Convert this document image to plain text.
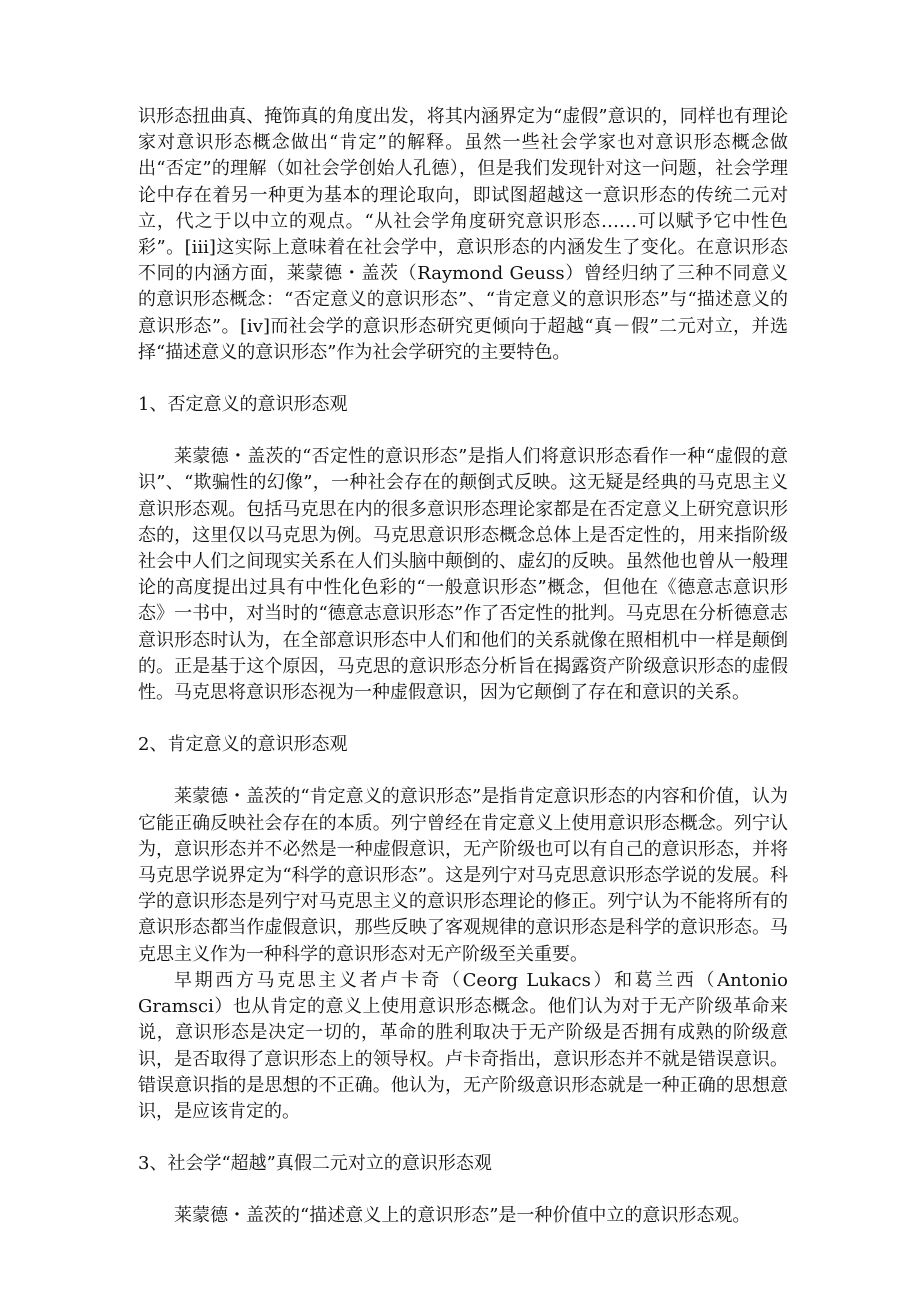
识形态扭曲真、掩饰真的角度出发，将其内涵界定为“虚假”意识的，同样也有理论家对意识形态概念做出“肯定”的解释。虽然一些社会学家也对意识形态概念做出“否定”的理解（如社会学创始人孔德），但是我们发现针对这一问题，社会学理论中存在着另一种更为基本的理论取向，即试图超越这一意识形态的传统二元对立，代之于以中立的观点。“从社会学角度研究意识形态……可以赋予它中性色彩”。[iii]这实际上意味着在社会学中，意识形态的内涵发生了变化。在意识形态不同的内涵方面，莱蒙德・盖茨（Raymond Geuss）曾经归纳了三种不同意义的意识形态概念：“否定意义的意识形态”、“肯定意义的意识形态”与“描述意义的意识形态”。[iv]而社会学的意识形态研究更倾向于超越“真－假”二元对立，并选择“描述意义的意识形态”作为社会学研究的主要特色。

1、否定意义的意识形态观

莱蒙德・盖茨的“否定性的意识形态”是指人们将意识形态看作一种“虚假的意识”、“欺骗性的幻像”，一种社会存在的颠倒式反映。这无疑是经典的马克思主义意识形态观。包括马克思在内的很多意识形态理论家都是在否定意义上研究意识形态的，这里仅以马克思为例。马克思意识形态概念总体上是否定性的，用来指阶级社会中人们之间现实关系在人们头脑中颠倒的、虚幻的反映。虽然他也曾从一般理论的高度提出过具有中性化色彩的“一般意识形态”概念，但他在《德意志意识形态》一书中，对当时的“德意志意识形态”作了否定性的批判。马克思在分析德意志意识形态时认为，在全部意识形态中人们和他们的关系就像在照相机中一样是颠倒的。正是基于这个原因，马克思的意识形态分析旨在揭露资产阶级意识形态的虚假性。马克思将意识形态视为一种虚假意识，因为它颠倒了存在和意识的关系。

2、肯定意义的意识形态观

莱蒙德・盖茨的“肯定意义的意识形态”是指肯定意识形态的内容和价值，认为它能正确反映社会存在的本质。列宁曾经在肯定意义上使用意识形态概念。列宁认为，意识形态并不必然是一种虚假意识，无产阶级也可以有自己的意识形态，并将马克思学说界定为“科学的意识形态”。这是列宁对马克思意识形态学说的发展。科学的意识形态是列宁对马克思主义的意识形态理论的修正。列宁认为不能将所有的意识形态都当作虚假意识，那些反映了客观规律的意识形态是科学的意识形态。马克思主义作为一种科学的意识形态对无产阶级至关重要。

早期西方马克思主义者卢卡奇（Ceorg Lukacs）和葛兰西（Antonio Gramsci）也从肯定的意义上使用意识形态概念。他们认为对于无产阶级革命来说，意识形态是决定一切的，革命的胜利取决于无产阶级是否拥有成熟的阶级意识，是否取得了意识形态上的领导权。卢卡奇指出，意识形态并不就是错误意识。错误意识指的是思想的不正确。他认为，无产阶级意识形态就是一种正确的思想意识，是应该肯定的。

3、社会学“超越”真假二元对立的意识形态观

莱蒙德・盖茨的“描述意义上的意识形态”是一种价值中立的意识形态观。
